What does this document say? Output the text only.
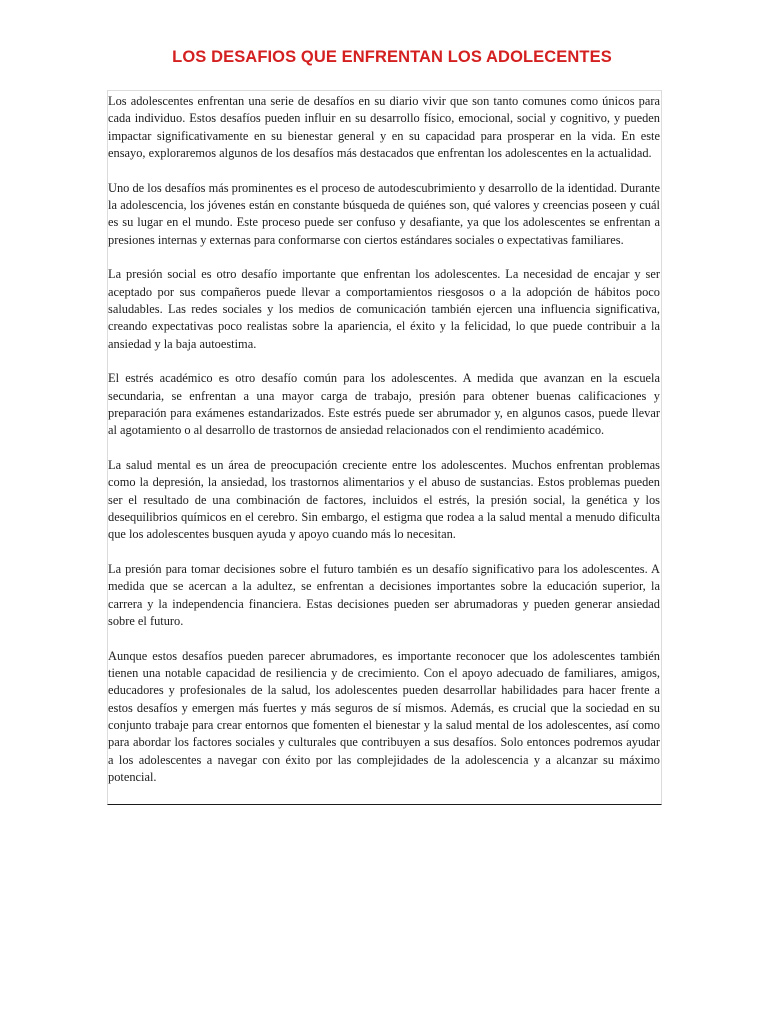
LOS DESAFIOS QUE ENFRENTAN LOS ADOLECENTES

Los adolescentes enfrentan una serie de desafíos en su diario vivir que son tanto comunes como únicos para cada individuo. Estos desafíos pueden influir en su desarrollo físico, emocional, social y cognitivo, y pueden impactar significativamente en su bienestar general y en su capacidad para prosperar en la vida. En este ensayo, exploraremos algunos de los desafíos más destacados que enfrentan los adolescentes en la actualidad.

Uno de los desafíos más prominentes es el proceso de autodescubrimiento y desarrollo de la identidad. Durante la adolescencia, los jóvenes están en constante búsqueda de quiénes son, qué valores y creencias poseen y cuál es su lugar en el mundo. Este proceso puede ser confuso y desafiante, ya que los adolescentes se enfrentan a presiones internas y externas para conformarse con ciertos estándares sociales o expectativas familiares.

La presión social es otro desafío importante que enfrentan los adolescentes. La necesidad de encajar y ser aceptado por sus compañeros puede llevar a comportamientos riesgosos o a la adopción de hábitos poco saludables. Las redes sociales y los medios de comunicación también ejercen una influencia significativa, creando expectativas poco realistas sobre la apariencia, el éxito y la felicidad, lo que puede contribuir a la ansiedad y la baja autoestima.

El estrés académico es otro desafío común para los adolescentes. A medida que avanzan en la escuela secundaria, se enfrentan a una mayor carga de trabajo, presión para obtener buenas calificaciones y preparación para exámenes estandarizados. Este estrés puede ser abrumador y, en algunos casos, puede llevar al agotamiento o al desarrollo de trastornos de ansiedad relacionados con el rendimiento académico.

La salud mental es un área de preocupación creciente entre los adolescentes. Muchos enfrentan problemas como la depresión, la ansiedad, los trastornos alimentarios y el abuso de sustancias. Estos problemas pueden ser el resultado de una combinación de factores, incluidos el estrés, la presión social, la genética y los desequilibrios químicos en el cerebro. Sin embargo, el estigma que rodea a la salud mental a menudo dificulta que los adolescentes busquen ayuda y apoyo cuando más lo necesitan.

La presión para tomar decisiones sobre el futuro también es un desafío significativo para los adolescentes. A medida que se acercan a la adultez, se enfrentan a decisiones importantes sobre la educación superior, la carrera y la independencia financiera. Estas decisiones pueden ser abrumadoras y pueden generar ansiedad sobre el futuro.

Aunque estos desafíos pueden parecer abrumadores, es importante reconocer que los adolescentes también tienen una notable capacidad de resiliencia y de crecimiento. Con el apoyo adecuado de familiares, amigos, educadores y profesionales de la salud, los adolescentes pueden desarrollar habilidades para hacer frente a estos desafíos y emergen más fuertes y más seguros de sí mismos. Además, es crucial que la sociedad en su conjunto trabaje para crear entornos que fomenten el bienestar y la salud mental de los adolescentes, así como para abordar los factores sociales y culturales que contribuyen a sus desafíos. Solo entonces podremos ayudar a los adolescentes a navegar con éxito por las complejidades de la adolescencia y a alcanzar su máximo potencial.
